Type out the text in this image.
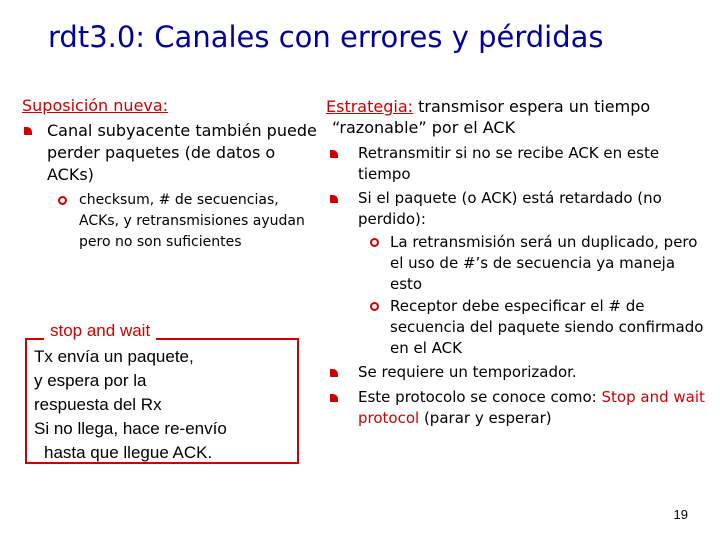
rdt3.0: Canales con errores y pérdidas
Suposición nueva:
Canal subyacente también puede perder paquetes (de datos o ACKs)
checksum, # de secuencias, ACKs, y retransmisiones ayudan pero no son suficientes
stop and wait
Tx envía un paquete,
y espera por la
respuesta del Rx
Si no llega, hace re-envío
hasta que llegue ACK.
Estrategia: transmisor espera un tiempo “razonable” por el ACK
Retransmitir si no se recibe ACK en este tiempo
Si el paquete (o ACK) está retardado (no perdido):
La retransmisión será un duplicado, pero el uso de #’s de secuencia ya maneja esto
Receptor debe especificar el # de secuencia del paquete siendo confirmado en el ACK
Se requiere un temporizador.
Este protocolo se conoce como: Stop and wait protocol (parar y esperar)
19
